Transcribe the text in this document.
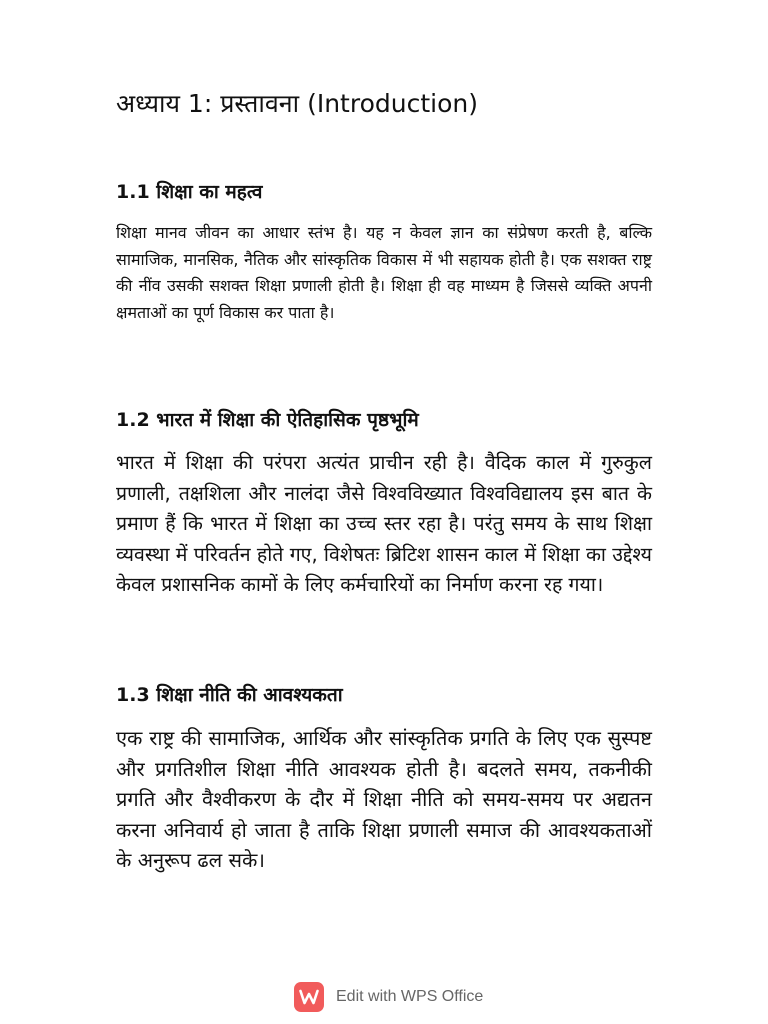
अध्याय 1: प्रस्तावना (Introduction)
1.1 शिक्षा का महत्व

शिक्षा मानव जीवन का आधार स्तंभ है। यह न केवल ज्ञान का संप्रेषण करती है, बल्कि सामाजिक, मानसिक, नैतिक और सांस्कृतिक विकास में भी सहायक होती है। एक सशक्त राष्ट्र की नींव उसकी सशक्त शिक्षा प्रणाली होती है। शिक्षा ही वह माध्यम है जिससे व्यक्ति अपनी क्षमताओं का पूर्ण विकास कर पाता है।

1.2 भारत में शिक्षा की ऐतिहासिक पृष्ठभूमि

भारत में शिक्षा की परंपरा अत्यंत प्राचीन रही है। वैदिक काल में गुरुकुल प्रणाली, तक्षशिला और नालंदा जैसे विश्वविख्यात विश्वविद्यालय इस बात के प्रमाण हैं कि भारत में शिक्षा का उच्च स्तर रहा है। परंतु समय के साथ शिक्षा व्यवस्था में परिवर्तन होते गए, विशेषतः ब्रिटिश शासन काल में शिक्षा का उद्देश्य केवल प्रशासनिक कामों के लिए कर्मचारियों का निर्माण करना रह गया।

1.3 शिक्षा नीति की आवश्यकता

एक राष्ट्र की सामाजिक, आर्थिक और सांस्कृतिक प्रगति के लिए एक सुस्पष्ट और प्रगतिशील शिक्षा नीति आवश्यक होती है। बदलते समय, तकनीकी प्रगति और वैश्वीकरण के दौर में शिक्षा नीति को समय-समय पर अद्यतन करना अनिवार्य हो जाता है ताकि शिक्षा प्रणाली समाज की आवश्यकताओं के अनुरूप ढल सके।

Edit with WPS Office
